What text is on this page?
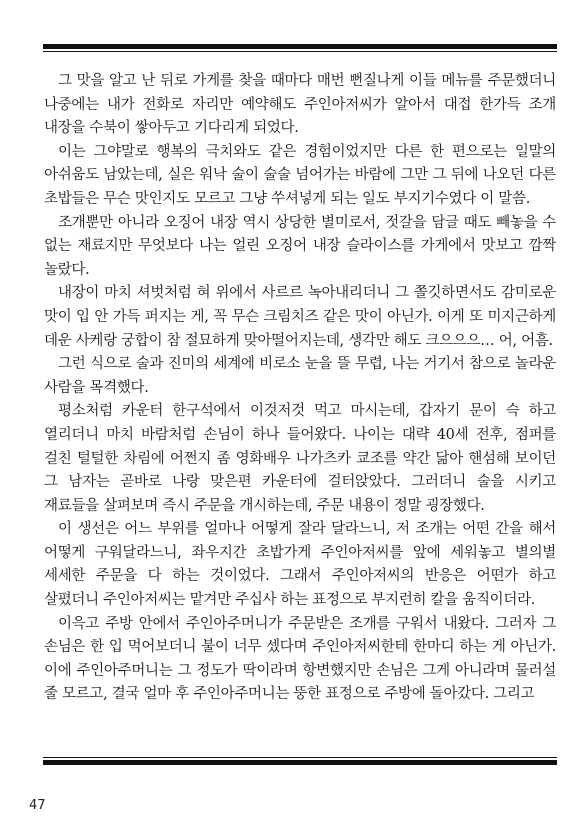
그 맛을 알고 난 뒤로 가게를 찾을 때마다 매번 뻔질나게 이들 메뉴를 주문했더니 나중에는 내가 전화로 자리만 예약해도 주인아저씨가 알아서 대접 한가득 조개 내장을 수북이 쌓아두고 기다리게 되었다.

이는 그야말로 행복의 극치와도 같은 경험이었지만 다른 한 편으로는 일말의 아쉬움도 남았는데, 실은 워낙 술이 술술 넘어가는 바람에 그만 그 뒤에 나오던 다른 초밥들은 무슨 맛인지도 모르고 그냥 쑤셔넣게 되는 일도 부지기수였다 이 말씀.

조개뿐만 아니라 오징어 내장 역시 상당한 별미로서, 젓갈을 담글 때도 빼놓을 수 없는 재료지만 무엇보다 나는 얼린 오징어 내장 슬라이스를 가게에서 맛보고 깜짝 놀랐다.

내장이 마치 셔벗처럼 혀 위에서 사르르 녹아내리더니 그 쫄깃하면서도 감미로운 맛이 입 안 가득 퍼지는 게, 꼭 무슨 크림치즈 같은 맛이 아닌가. 이게 또 미지근하게 데운 사케랑 궁합이 참 절묘하게 맞아떨어지는데, 생각만 해도 크으으으… 어, 어흠.

그런 식으로 술과 진미의 세계에 비로소 눈을 뜰 무렵, 나는 거기서 참으로 놀라운 사람을 목격했다.

평소처럼 카운터 한구석에서 이것저것 먹고 마시는데, 갑자기 문이 슥 하고 열리더니 마치 바람처럼 손님이 하나 들어왔다. 나이는 대략 40세 전후, 점퍼를 걸친 털털한 차림에 어쩐지 좀 영화배우 나가츠카 쿄조를 약간 닮아 핸섬해 보이던 그 남자는 곧바로 나랑 맞은편 카운터에 걸터앉았다. 그러더니 술을 시키고 재료들을 살펴보며 즉시 주문을 개시하는데, 주문 내용이 정말 굉장했다.

이 생선은 어느 부위를 얼마나 어떻게 잘라 달라느니, 저 조개는 어떤 간을 해서 어떻게 구워달라느니, 좌우지간 초밥가게 주인아저씨를 앞에 세워놓고 별의별 세세한 주문을 다 하는 것이었다. 그래서 주인아저씨의 반응은 어떤가 하고 살폈더니 주인아저씨는 맡겨만 주십사 하는 표정으로 부지런히 칼을 움직이더라.

이윽고 주방 안에서 주인아주머니가 주문받은 조개를 구워서 내왔다. 그러자 그 손님은 한 입 먹어보더니 불이 너무 셌다며 주인아저씨한테 한마디 하는 게 아닌가. 이에 주인아주머니는 그 정도가 딱이라며 항변했지만 손님은 그게 아니라며 물러설 줄 모르고, 결국 얼마 후 주인아주머니는 뚱한 표정으로 주방에 돌아갔다. 그리고

47
